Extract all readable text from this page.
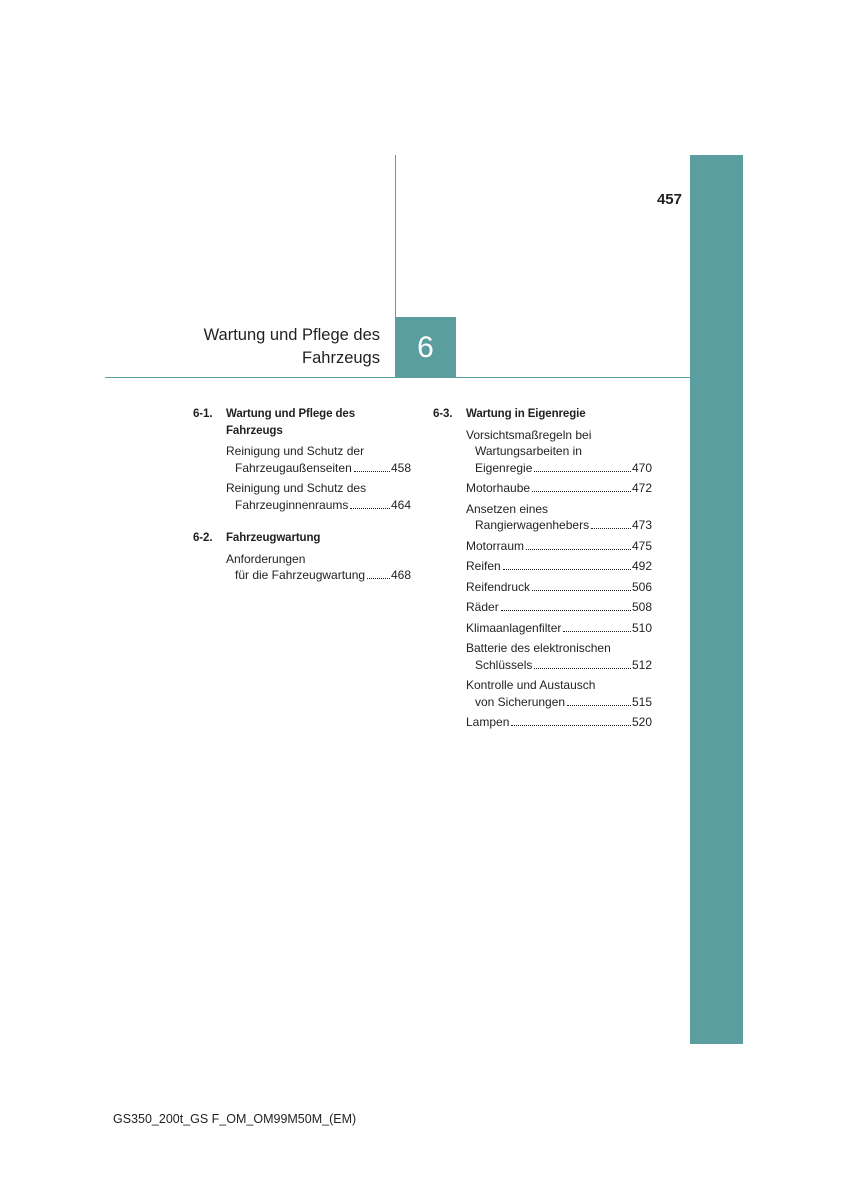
457
Wartung und Pflege des
Fahrzeugs 6
6-1.	Wartung und Pflege des Fahrzeugs
Reinigung und Schutz der
Fahrzeugaußenseiten	458
Reinigung und Schutz des
Fahrzeuginnenraums	464
6-2.	Fahrzeugwartung
Anforderungen
für die Fahrzeugwartung 468
6-3.	Wartung in Eigenregie
Vorsichtsmaßregeln bei
Wartungsarbeiten in
Eigenregie	470
Motorhaube	472
Ansetzen eines
Rangierwagenhebers	473
Motorraum	475
Reifen	492
Reifendruck	506
Räder	508
Klimaanlagenfilter	510
Batterie des elektronischen
Schlüssels	512
Kontrolle und Austausch
von Sicherungen	515
Lampen	520
GS350_200t_GS F_OM_OM99M50M_(EM)
